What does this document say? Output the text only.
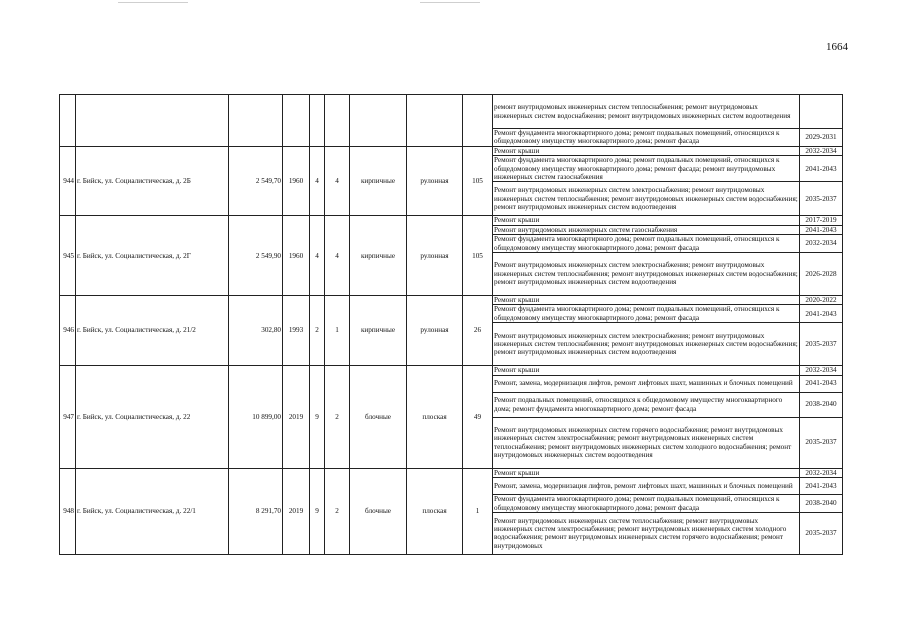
1664
									ремонт внутридомовых инженерных систем теплоснабжения; ремонт внутридомовых инженерных систем водоснабжения; ремонт внутридомовых инженерных систем водоотведения	
									Ремонт фундамента многоквартирного дома; ремонт подвальных помещений, относящихся к общедомовому имуществу многоквартирного дома; ремонт фасада	2029-2031
944	г. Бийск, ул. Социалистическая, д. 2Б	2 549,70	1960	4	4	кирпичные	рулонная	105	Ремонт крыши	2032-2034
									Ремонт фундамента многоквартирного дома; ремонт подвальных помещений, относящихся к общедомовому имуществу многоквартирного дома; ремонт фасада; ремонт внутридомовых инженерных систем газоснабжения	2041-2043
									Ремонт внутридомовых инженерных систем электроснабжения; ремонт внутридомовых инженерных систем теплоснабжения; ремонт внутридомовых инженерных систем водоснабжения; ремонт внутридомовых инженерных систем водоотведения	2035-2037
945	г. Бийск, ул. Социалистическая, д. 2Г	2 549,90	1960	4	4	кирпичные	рулонная	105	Ремонт крыши	2017-2019
									Ремонт внутридомовых инженерных систем газоснабжения	2041-2043
									Ремонт фундамента многоквартирного дома; ремонт подвальных помещений, относящихся к общедомовому имуществу многоквартирного дома; ремонт фасада	2032-2034
									Ремонт внутридомовых инженерных систем электроснабжения; ремонт внутридомовых инженерных систем теплоснабжения; ремонт внутридомовых инженерных систем водоснабжения; ремонт внутридомовых инженерных систем водоотведения	2026-2028
946	г. Бийск, ул. Социалистическая, д. 21/2	302,80	1993	2	1	кирпичные	рулонная	26	Ремонт крыши	2020-2022
									Ремонт фундамента многоквартирного дома; ремонт подвальных помещений, относящихся к общедомовому имуществу многоквартирного дома; ремонт фасада	2041-2043
									Ремонт внутридомовых инженерных систем электроснабжения; ремонт внутридомовых инженерных систем теплоснабжения; ремонт внутридомовых инженерных систем водоснабжения; ремонт внутридомовых инженерных систем водоотведения	2035-2037
947	г. Бийск, ул. Социалистическая, д. 22	10 899,00	2019	9	2	блочные	плоская	49	Ремонт крыши	2032-2034
									Ремонт, замена, модернизация лифтов, ремонт лифтовых шахт, машинных и блочных помещений	2041-2043
									Ремонт подвальных помещений, относящихся к общедомовому имуществу многоквартирного дома; ремонт фундамента многоквартирного дома; ремонт фасада	2038-2040
									Ремонт внутридомовых инженерных систем горячего водоснабжения; ремонт внутридомовых инженерных систем электроснабжения; ремонт внутридомовых инженерных систем теплоснабжения; ремонт внутридомовых инженерных систем холодного водоснабжения; ремонт внутридомовых инженерных систем водоотведения	2035-2037
948	г. Бийск, ул. Социалистическая, д. 22/1	8 291,70	2019	9	2	блочные	плоская	1	Ремонт крыши	2032-2034
									Ремонт, замена, модернизация лифтов, ремонт лифтовых шахт, машинных и блочных помещений	2041-2043
									Ремонт фундамента многоквартирного дома; ремонт подвальных помещений, относящихся к общедомовому имуществу многоквартирного дома; ремонт фасада	2038-2040
									Ремонт внутридомовых инженерных систем теплоснабжения; ремонт внутридомовых инженерных систем электроснабжения; ремонт внутридомовых инженерных систем холодного водоснабжения; ремонт внутридомовых инженерных систем горячего водоснабжения; ремонт внутридомовых	2035-2037
